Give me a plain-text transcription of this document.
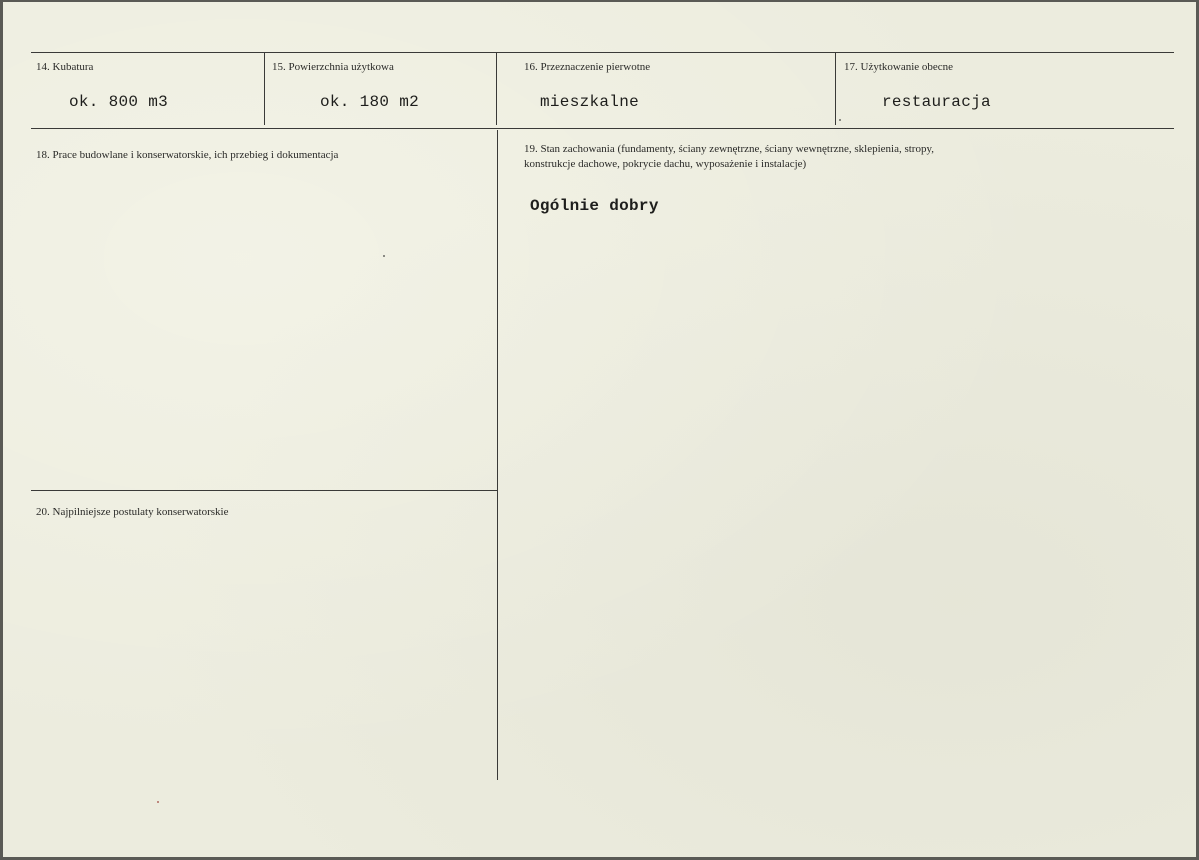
14. Kubatura
ok. 800 m3
15. Powierzchnia użytkowa
ok. 180 m2
16. Przeznaczenie pierwotne
mieszkalne
17. Użytkowanie obecne
restauracja
18. Prace budowlane i konserwatorskie, ich przebieg i dokumentacja	19. Stan zachowania (fundamenty, ściany zewnętrzne, ściany wewnętrzne, sklepienia, stropy,
konstrukcje dachowe, pokrycie dachu, wyposażenie i instalacje)
Ogólnie dobry
20. Najpilniejsze postulaty konserwatorskie
